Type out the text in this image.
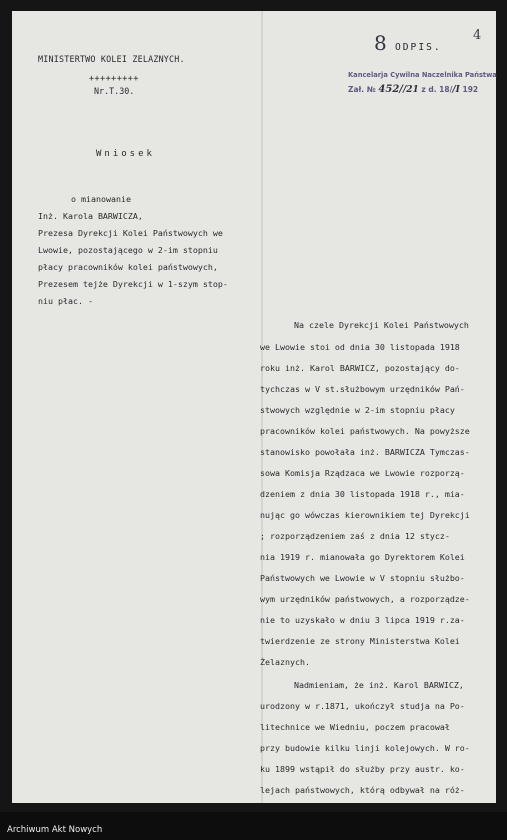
MINISTERTWO KOLEI ZELAZNYCH.
+++++++++
Nr.T.30.
8 ODPIS.
4
Kancelarja Cywilna Naczelnika Państwa
Zał. № 452//21 z d. 18//I 192
Wniosek
o mianowanie
Inż. Karola BARWICZA,
Prezesa Dyrekcji Kolei Państwowych we
Lwowie, pozostającego w 2-im stopniu
płacy pracowników kolei państwowych,
Prezesem tejże Dyrekcji w 1-szym stop-
niu płac. -
Na czele Dyrekcji Kolei Państwowych
we Lwowie stoi od dnia 30 listopada 1918
roku inż. Karol BARWICZ, pozostający do-
tychczas w V st.służbowym urzędników Pań-
stwowych względnie w 2-im stopniu płacy
pracowników kolei państwowych. Na powyższe
stanowisko powołała inż. BARWICZA Tymczas-
sowa Komisja Rządzaca we Lwowie rozporzą-
dzeniem z dnia 30 listopada 1918 r., mia-
nując go wówczas kierownikiem tej Dyrekcji
; rozporządzeniem zaś z dnia 12 stycz-
nia 1919 r. mianowała go Dyrektorem Kolei
Państwowych we Lwowie w V stopniu służbo-
wym urzędników państwowych, a rozporządze-
nie to uzyskało w dniu 3 lipca 1919 r.za-
twierdzenie ze strony Ministerstwa Kolei
Żelaznych.
Nadmieniam, że inż. Karol BARWICZ,
urodzony w r.1871, ukończył studja na Po-
litechnice we Wiedniu, poczem pracował
przy budowie kilku linji kolejowych. W ro-
ku 1899 wstąpił do służby przy austr. ko-
lejach państwowych, którą odbywał na róż-
Archiwum Akt Nowych
